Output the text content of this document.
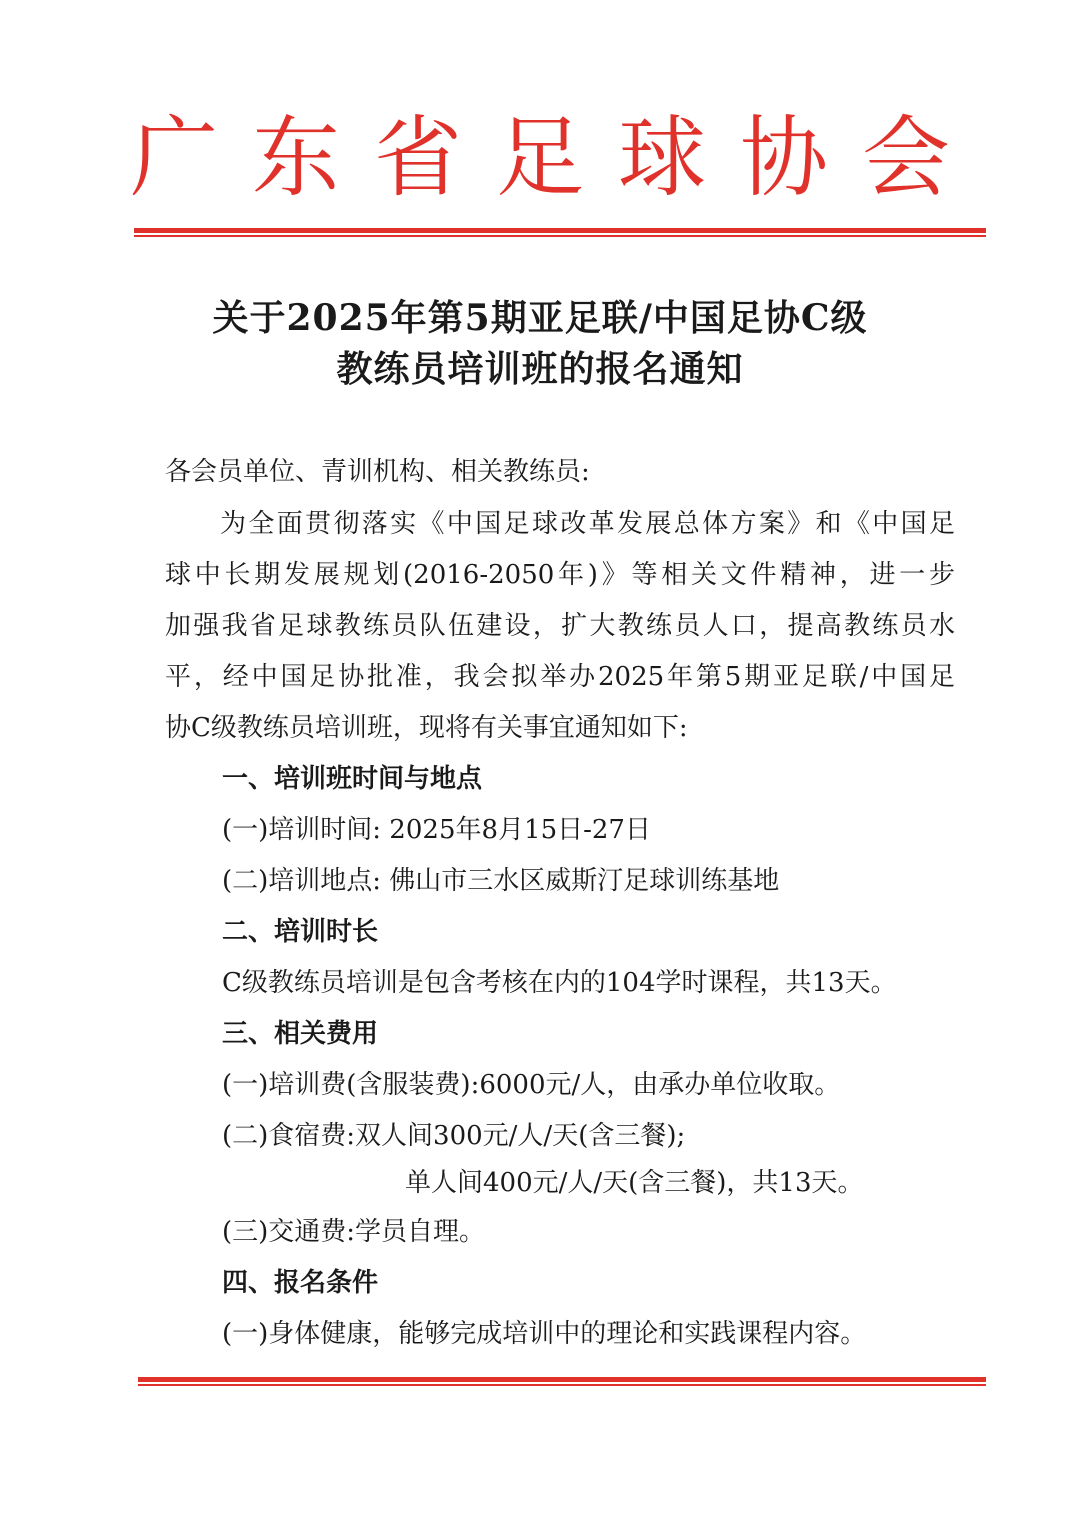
广东省足球协会
关于2025年第5期亚足联/中国足协C级
教练员培训班的报名通知
各会员单位、青训机构、相关教练员:
为全面贯彻落实《中国足球改革发展总体方案》和《中国足
球中长期发展规划(2016-2050年)》等相关文件精神，进一步
加强我省足球教练员队伍建设，扩大教练员人口，提高教练员水
平，经中国足协批准，我会拟举办2025年第5期亚足联/中国足
协C级教练员培训班，现将有关事宜通知如下:
一、培训班时间与地点
(一)培训时间: 2025年8月15日-27日
(二)培训地点: 佛山市三水区威斯汀足球训练基地
二、培训时长
C级教练员培训是包含考核在内的104学时课程，共13天。
三、相关费用
(一)培训费(含服装费):6000元/人，由承办单位收取。
(二)食宿费:双人间300元/人/天(含三餐);
单人间400元/人/天(含三餐)，共13天。
(三)交通费:学员自理。
四、报名条件
(一)身体健康，能够完成培训中的理论和实践课程内容。
